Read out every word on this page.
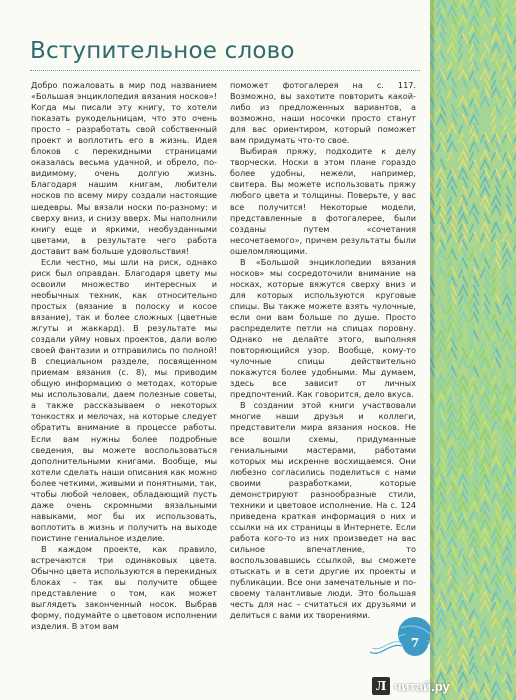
Вступительное слово

Добро пожаловать в мир под названием «Большая энциклопедия вязания носков»! Когда мы писали эту книгу, то хотели показать рукодельницам, что это очень просто – разработать свой собственный проект и воплотить его в жизнь. Идея блоков с перекидными страницами оказалась весьма удачной, и обрело, по-видимому, очень долгую жизнь. Благодаря нашим книгам, любители носков по всему миру создали настоящие шедевры. Мы вязали носки по-разному: и сверху вниз, и снизу вверх. Мы наполнили книгу еще и яркими, необузданными цветами, в результате чего работа доставит вам больше удовольствия!

Если честно, мы шли на риск, однако риск был оправдан. Благодаря цвету мы освоили множество интересных и необычных техник, как относительно простых (вязание в полоску и косое вязание), так и более сложных (цветные жгуты и жаккард). В результате мы создали уйму новых проектов, дали волю своей фантазии и отправились по полной! В специальном разделе, посвященном приемам вязания (с. 8), мы приводим общую информацию о методах, которые мы использовали, даем полезные советы, а также рассказываем о некоторых тонкостях и мелочах, на которые следует обратить внимание в процессе работы. Если вам нужны более подробные сведения, вы можете воспользоваться дополнительными книгами. Вообще, мы хотели сделать наши описания как можно более четкими, живыми и понятными, так, чтобы любой человек, обладающий пусть даже очень скромными вязальными навыками, мог бы их использовать, воплотить в жизнь и получить на выходе поистине гениальное изделие.

В каждом проекте, как правило, встречаются три одинаковых цвета. Обычно цвета используются в перекидных блоках – так вы получите общее представление о том, как может выглядеть законченный носок. Выбрав форму, подумайте о цветовом исполнении изделия. В этом вам

поможет фотогалерея на с. 117. Возможно, вы захотите повторить какой-либо из предложенных вариантов, а возможно, наши носочки просто станут для вас ориентиром, который поможет вам придумать что-то свое.

Выбирая пряжу, подходите к делу творчески. Носки в этом плане гораздо более удобны, нежели, например, свитера. Вы можете использовать пряжу любого цвета и толщины. Поверьте, у вас все получится! Некоторые модели, представленные в фотогалерее, были созданы путем «сочетания несочетаемого», причем результаты были ошеломляющими.

В «Большой энциклопедии вязания носков» мы сосредоточили внимание на носках, которые вяжутся сверху вниз и для которых используются круговые спицы. Вы также можете взять чулочные, если они вам больше по душе. Просто распределите петли на спицах поровну. Однако не делайте этого, выполняя повторяющийся узор. Вообще, кому-то чулочные спицы действительно покажутся более удобными. Мы думаем, здесь все зависит от личных предпочтений. Как говорится, дело вкуса.

В создании этой книги участвовали многие наши друзья и коллеги, представители мира вязания носков. Не все вошли схемы, придуманные гениальными мастерами, работами которых мы искренне восхищаемся. Они любезно согласились поделиться с нами своими разработками, которые демонстрируют разнообразные стили, техники и цветовое исполнение. На с. 124 приведена краткая информация о них и ссылки на их страницы в Интернете. Если работа кого-то из них произведет на вас сильное впечатление, то воспользовавшись ссылкой, вы сможете отыскать и в сети другие их проекты и публикации. Все они замечательные и по-своему талантливые люди. Это большая честь для нас – считаться их друзьями и делиться с вами их творениями.

7
Л читай.ру
